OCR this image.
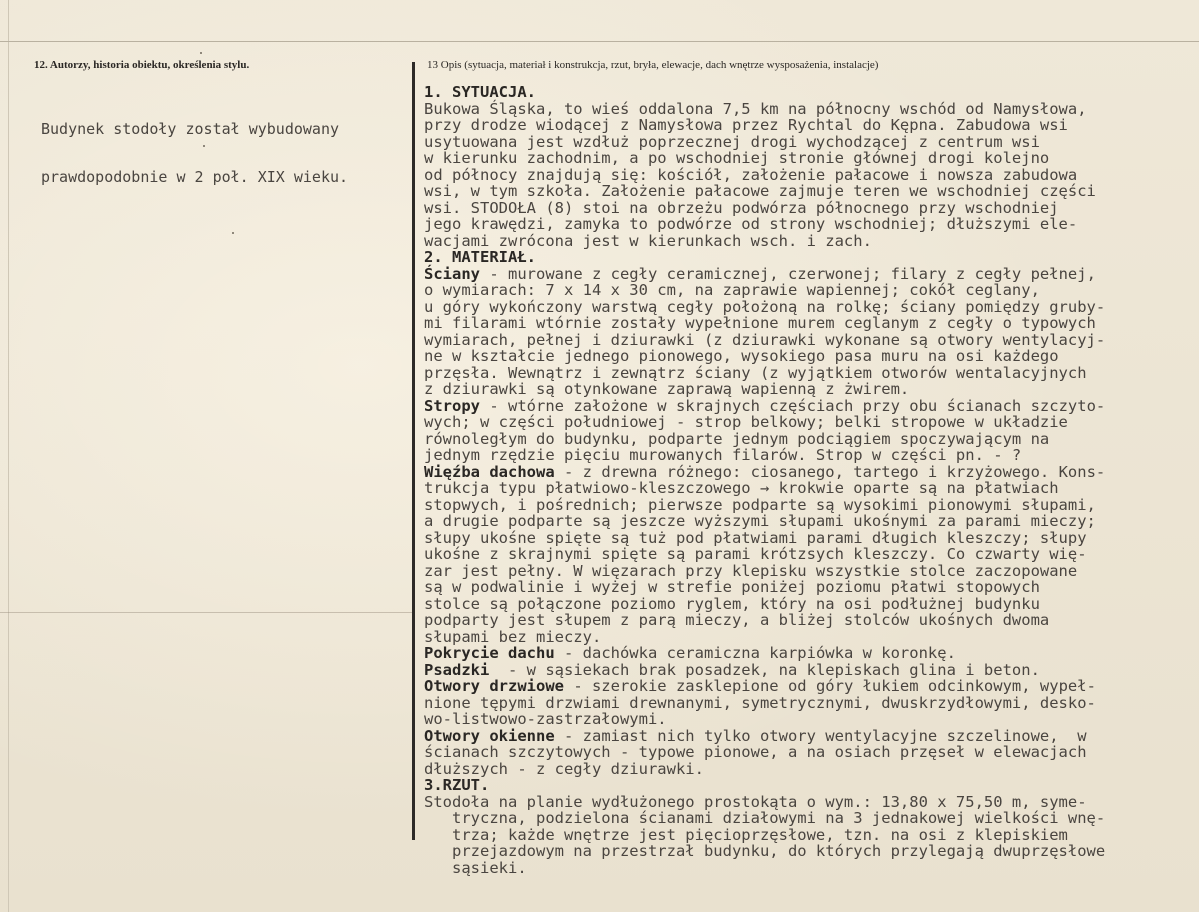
12. Autorzy, historia obiektu, określenia stylu.	13 Opis (sytuacja, materiał i konstrukcja, rzut, bryła, elewacje, dach wnętrze wysposażenia, instalacje)

Budynek stodoły został wybudowany

prawdopodobnie w 2 poł. XIX wieku.

1. SYTUACJA.
Bukowa Śląska, to wieś oddalona 7,5 km na północny wschód od Namysłowa,
przy drodze wiodącej z Namysłowa przez Rychtal do Kępna. Zabudowa wsi
usytuowana jest wzdłuż poprzecznej drogi wychodzącej z centrum wsi
w kierunku zachodnim, a po wschodniej stronie głównej drogi kolejno
od północy znajdują się: kościół, założenie pałacowe i nowsza zabudowa
wsi, w tym szkoła. Założenie pałacowe zajmuje teren we wschodniej części
wsi. STODOŁA (8) stoi na obrzeżu podwórza północnego przy wschodniej
jego krawędzi, zamyka to podwórze od strony wschodniej; dłuższymi ele-
wacjami zwrócona jest w kierunkach wsch. i zach.
2. MATERIAŁ.
Ściany - murowane z cegły ceramicznej, czerwonej; filary z cegły pełnej,
o wymiarach: 7 x 14 x 30 cm, na zaprawie wapiennej; cokół ceglany,
u góry wykończony warstwą cegły położoną na rolkę; ściany pomiędzy gruby-
mi filarami wtórnie zostały wypełnione murem ceglanym z cegły o typowych
wymiarach, pełnej i dziurawki (z dziurawki wykonane są otwory wentylacyj-
ne w kształcie jednego pionowego, wysokiego pasa muru na osi każdego
przęsła. Wewnątrz i zewnątrz ściany (z wyjątkiem otworów wentalacyjnych
z dziurawki są otynkowane zaprawą wapienną z żwirem.
Stropy - wtórne założone w skrajnych częściach przy obu ścianach szczyto-
wych; w części południowej - strop belkowy; belki stropowe w układzie
równoległym do budynku, podparte jednym podciągiem spoczywającym na
jednym rzędzie pięciu murowanych filarów. Strop w części pn. - ?
Więźba dachowa - z drewna różnego: ciosanego, tartego i krzyżowego. Kons-
trukcja typu płatwiowo-kleszczowego → krokwie oparte są na płatwiach
stopwych, i pośrednich; pierwsze podparte są wysokimi pionowymi słupami,
a drugie podparte są jeszcze wyższymi słupami ukośnymi za parami mieczy;
słupy ukośne spięte są tuż pod płatwiami parami długich kleszczy; słupy
ukośne z skrajnymi spięte są parami krótzsych kleszczy. Co czwarty wię-
zar jest pełny. W więzarach przy klepisku wszystkie stolce zaczopowane
są w podwalinie i wyżej w strefie poniżej poziomu płatwi stopowych
stolce są połączone poziomo ryglem, który na osi podłużnej budynku
podparty jest słupem z parą mieczy, a bliżej stolców ukośnych dwoma
słupami bez mieczy.
Pokrycie dachu - dachówka ceramiczna karpiówka w koronkę.
Psadzki  - w sąsiekach brak posadzek, na klepiskach glina i beton.
Otwory drzwiowe - szerokie zasklepione od góry łukiem odcinkowym, wypeł-
nione tępymi drzwiami drewnanymi, symetrycznymi, dwuskrzydłowymi, desko-
wo-listwowo-zastrzałowymi.
Otwory okienne - zamiast nich tylko otwory wentylacyjne szczelinowe,  w
ścianach szczytowych - typowe pionowe, a na osiach przęseł w elewacjach
dłuższych - z cegły dziurawki.
3.RZUT.
Stodoła na planie wydłużonego prostokąta o wym.: 13,80 x 75,50 m, syme-
tryczna, podzielona ścianami działowymi na 3 jednakowej wielkości wnę-
trza; każde wnętrze jest pięcioprzęsłowe, tzn. na osi z klepiskiem
przejazdowym na przestrzał budynku, do których przylegają dwuprzęsłowe
sąsieki.
